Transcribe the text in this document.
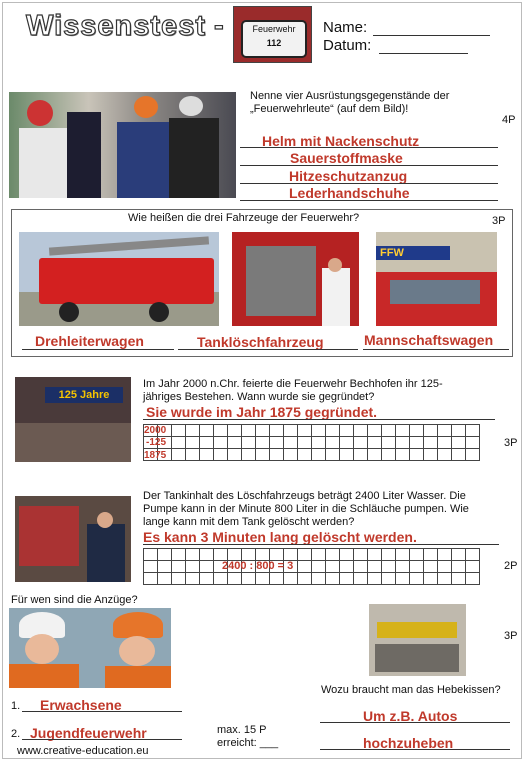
Wissenstest -	Feuerwehr
112
Name:
Datum:
Nenne vier Ausrüstungsgegenstände der „Feuerwehrleute“ (auf dem Bild)!
4P
Helm mit Nackenschutz
Sauerstoffmaske
Hitzeschutzanzug
Lederhandschuhe
Wie heißen die drei Fahrzeuge der Feuerwehr?	3P
FFW
Drehleiterwagen	Tanklöschfahrzeug	Mannschaftswagen
125 Jahre
Im Jahr 2000 n.Chr. feierte die Feuerwehr Bechhofen ihr 125-jähriges Bestehen. Wann wurde sie gegründet?
Sie wurde im Jahr 1875 gegründet.

2000
-125
1875
3P
Der Tankinhalt des Löschfahrzeugs beträgt 2400 Liter Wasser. Die Pumpe kann in der Minute 800 Liter in die Schläuche pumpen. Wie lange kann mit dem Tank gelöscht werden?
Es kann 3 Minuten lang gelöscht werden.

2400 : 800 = 3	2P
Für wen sind die Anzüge?
1. Erwachsene
2. Jugendfeuerwehr
3P
Wozu braucht man das Hebekissen?
Um z.B. Autos
hochzuheben
max. 15 P
erreicht: ___
www.creative-education.eu
